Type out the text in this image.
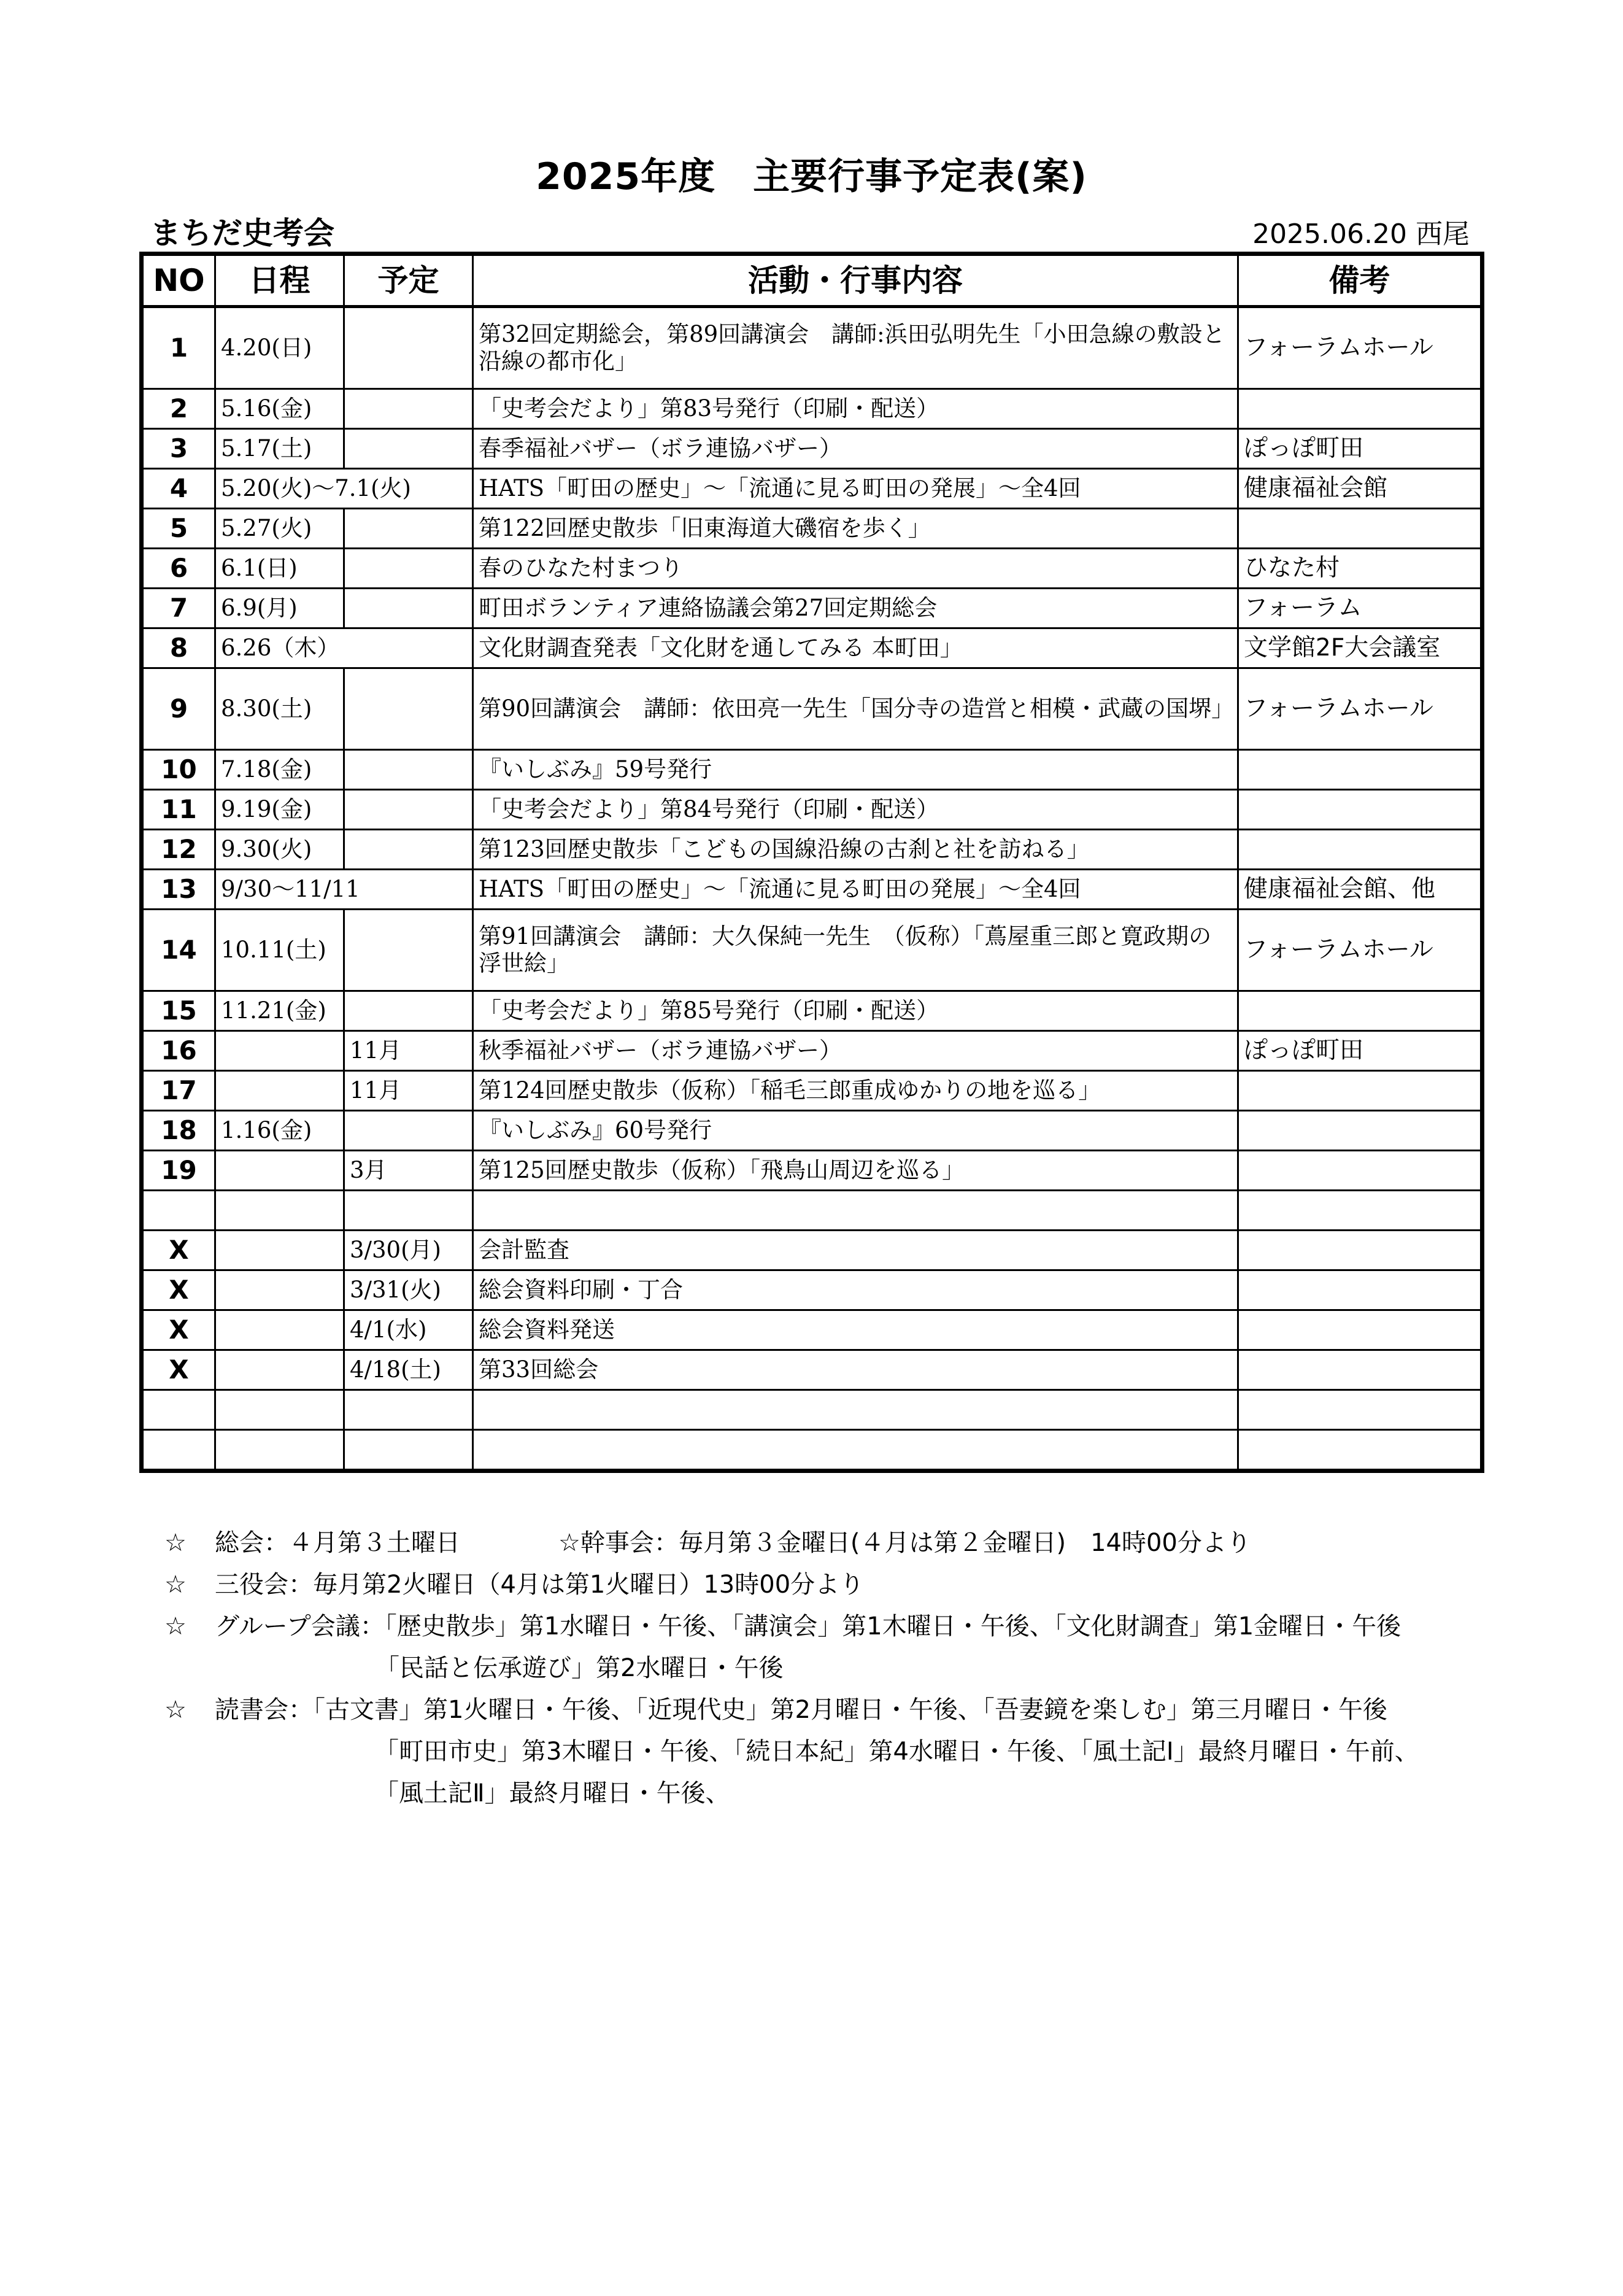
2025年度　主要行事予定表(案)
まちだ史考会	2025.06.20 西尾
NO	日程	予定	活動・行事内容	備考
1	4.20(日)		第32回定期総会，第89回講演会　講師:浜田弘明先生「小田急線の敷設と沿線の都市化」	フォーラムホール
2	5.16(金)		「史考会だより」第83号発行（印刷・配送）	
3	5.17(土)		春季福祉バザー（ボラ連協バザー）	ぽっぽ町田
4	5.20(火)～7.1(火)		HATS「町田の歴史」～「流通に見る町田の発展」～全4回	健康福祉会館
5	5.27(火)		第122回歴史散歩「旧東海道大磯宿を歩く」	
6	6.1(日)		春のひなた村まつり	ひなた村
7	6.9(月)		町田ボランティア連絡協議会第27回定期総会	フォーラム
8	6.26（木）		文化財調査発表「文化財を通してみる 本町田」	文学館2F大会議室
9	8.30(土)		第90回講演会　講師：依田亮一先生「国分寺の造営と相模・武蔵の国堺」	フォーラムホール
10	7.18(金)		『いしぶみ』59号発行	
11	9.19(金)		「史考会だより」第84号発行（印刷・配送）	
12	9.30(火)		第123回歴史散歩「こどもの国線沿線の古刹と社を訪ねる」	
13	9/30～11/11		HATS「町田の歴史」～「流通に見る町田の発展」～全4回	健康福祉会館、他
14	10.11(土)		第91回講演会　講師：大久保純一先生　（仮称）「蔦屋重三郎と寛政期の浮世絵」	フォーラムホール
15	11.21(金)		「史考会だより」第85号発行（印刷・配送）	
16		11月	秋季福祉バザー（ボラ連協バザー）	ぽっぽ町田
17		11月	第124回歴史散歩（仮称）「稲毛三郎重成ゆかりの地を巡る」	
18	1.16(金)		『いしぶみ』60号発行	
19		3月	第125回歴史散歩（仮称）「飛鳥山周辺を巡る」	

X		3/30(月)	会計監査	
X		3/31(火)	総会資料印刷・丁合	
X		4/1(水)	総会資料発送	
X		4/18(土)	第33回総会	

☆ 総会：４月第３土曜日	☆幹事会：毎月第３金曜日(４月は第２金曜日)　14時00分より
☆ 三役会：毎月第2火曜日（4月は第1火曜日）13時00分より
☆ グループ会議：「歴史散歩」第1水曜日・午後、「講演会」第1木曜日・午後、「文化財調査」第1金曜日・午後
「民話と伝承遊び」第2水曜日・午後
☆ 読書会：「古文書」第1火曜日・午後、「近現代史」第2月曜日・午後、「吾妻鏡を楽しむ」第三月曜日・午後
「町田市史」第3木曜日・午後、「続日本紀」第4水曜日・午後、「風土記Ⅰ」最終月曜日・午前、
「風土記Ⅱ」最終月曜日・午後、
